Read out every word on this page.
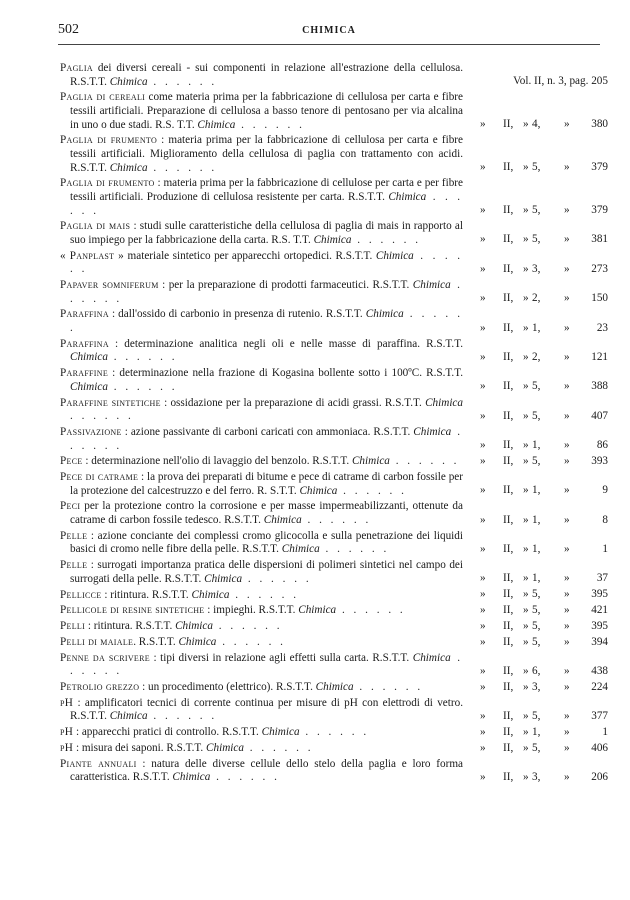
502	CHIMICA
Paglia dei diversi cereali - sui componenti in relazione all'estrazione della cellulosa. R.S.T.T. Chimica . . . . . .	Vol. II, n. 3, pag. 205
Paglia di cereali come materia prima per la fabbricazione di cellulosa per carta e fibre tessili artificiali. Preparazione di cellulosa a basso tenore di pentosano per via alcalina in uno o due stadi. R.S. T.T. Chimica . . . . . .	» II, » 4, » 380
Paglia di frumento : materia prima per la fabbricazione di cellulosa per carta e fibre tessili artificiali. Miglioramento della cellulosa di paglia con trattamento con acidi. R.S.T.T. Chimica . . . . . .	» II, » 5, » 379
Paglia di frumento : materia prima per la fabbricazione di cellulose per carta e per fibre tessili artificiali. Produzione di cellulosa resistente per carta. R.S.T.T. Chimica . . . . . .	» II, » 5, » 379
Paglia di mais : studi sulle caratteristiche della cellulosa di paglia di mais in rapporto al suo impiego per la fabbricazione della carta. R.S. T.T. Chimica . . . . . .	» II, » 5, » 381
« Panplast » materiale sintetico per apparecchi ortopedici. R.S.T.T. Chimica . . . . . .	» II, » 3, » 273
Papaver somniferum : per la preparazione di prodotti farmaceutici. R.S.T.T. Chimica . . . . . .	» II, » 2, » 150
Paraffina : dall'ossido di carbonio in presenza di rutenio. R.S.T.T. Chimica . . . . . .	» II, » 1, » 23
Paraffina : determinazione analitica negli oli e nelle masse di paraffina. R.S.T.T. Chimica . . . . . .	» II, » 2, » 121
Paraffine : determinazione nella frazione di Kogasina bollente sotto i 100ºC. R.S.T.T. Chimica . . . . . .	» II, » 5, » 388
Paraffine sintetiche : ossidazione per la preparazione di acidi grassi. R.S.T.T. Chimica . . . . . .	» II, » 5, » 407
Passivazione : azione passivante di carboni caricati con ammoniaca. R.S.T.T. Chimica . . . . . .	» II, » 1, » 86
Pece : determinazione nell'olio di lavaggio del benzolo. R.S.T.T. Chimica . . . . . .	» II, » 5, » 393
Pece di catrame : la prova dei preparati di bitume e pece di catrame di carbon fossile per la protezione del calcestruzzo e del ferro. R. S.T.T. Chimica . . . . . .	» II, » 1, »	9
Peci per la protezione contro la corrosione e per masse impermeabilizzanti, ottenute da catrame di carbon fossile tedesco. R.S.T.T. Chimica . . . . . .	» II, » 1, »	8
Pelle : azione conciante dei complessi cromo glicocolla e sulla penetrazione dei liquidi basici di cromo nelle fibre della pelle. R.S.T.T. Chimica . . . . . .	» II, » 1, »	1
Pelle : surrogati importanza pratica delle dispersioni di polimeri sintetici nel campo dei surrogati della pelle. R.S.T.T. Chimica . . . . . .	» II, » 1, » 37
Pellicce : ritintura. R.S.T.T. Chimica . . . . . .	» II, » 5, » 395
Pellicole di resine sintetiche : impieghi. R.S.T.T. Chimica . . . . . .	» II, » 5, » 421
Pelli : ritintura. R.S.T.T. Chimica . . . . . .	» II, » 5, » 395
Pelli di maiale. R.S.T.T. Chimica . . . . . .	» II, » 5, » 394
Penne da scrivere : tipi diversi in relazione agli effetti sulla carta. R.S.T.T. Chimica . . . . . .	» II, » 6, » 438
Petrolio grezzo : un procedimento (elettrico). R.S.T.T. Chimica . . . . . .	» II, » 3, » 224
pH : amplificatori tecnici di corrente continua per misure di pH con elettrodi di vetro. R.S.T.T. Chimica . . . . . .	» II, » 5, » 377
pH : apparecchi pratici di controllo. R.S.T.T. Chimica . . . . . .	» II, » 1, »	1
pH : misura dei saponi. R.S.T.T. Chimica . . . . . .	» II, » 5, » 406
Piante annuali : natura delle diverse cellule dello stelo della paglia e loro forma caratteristica. R.S.T.T. Chimica . . . . . .	» II, » 3, » 206
